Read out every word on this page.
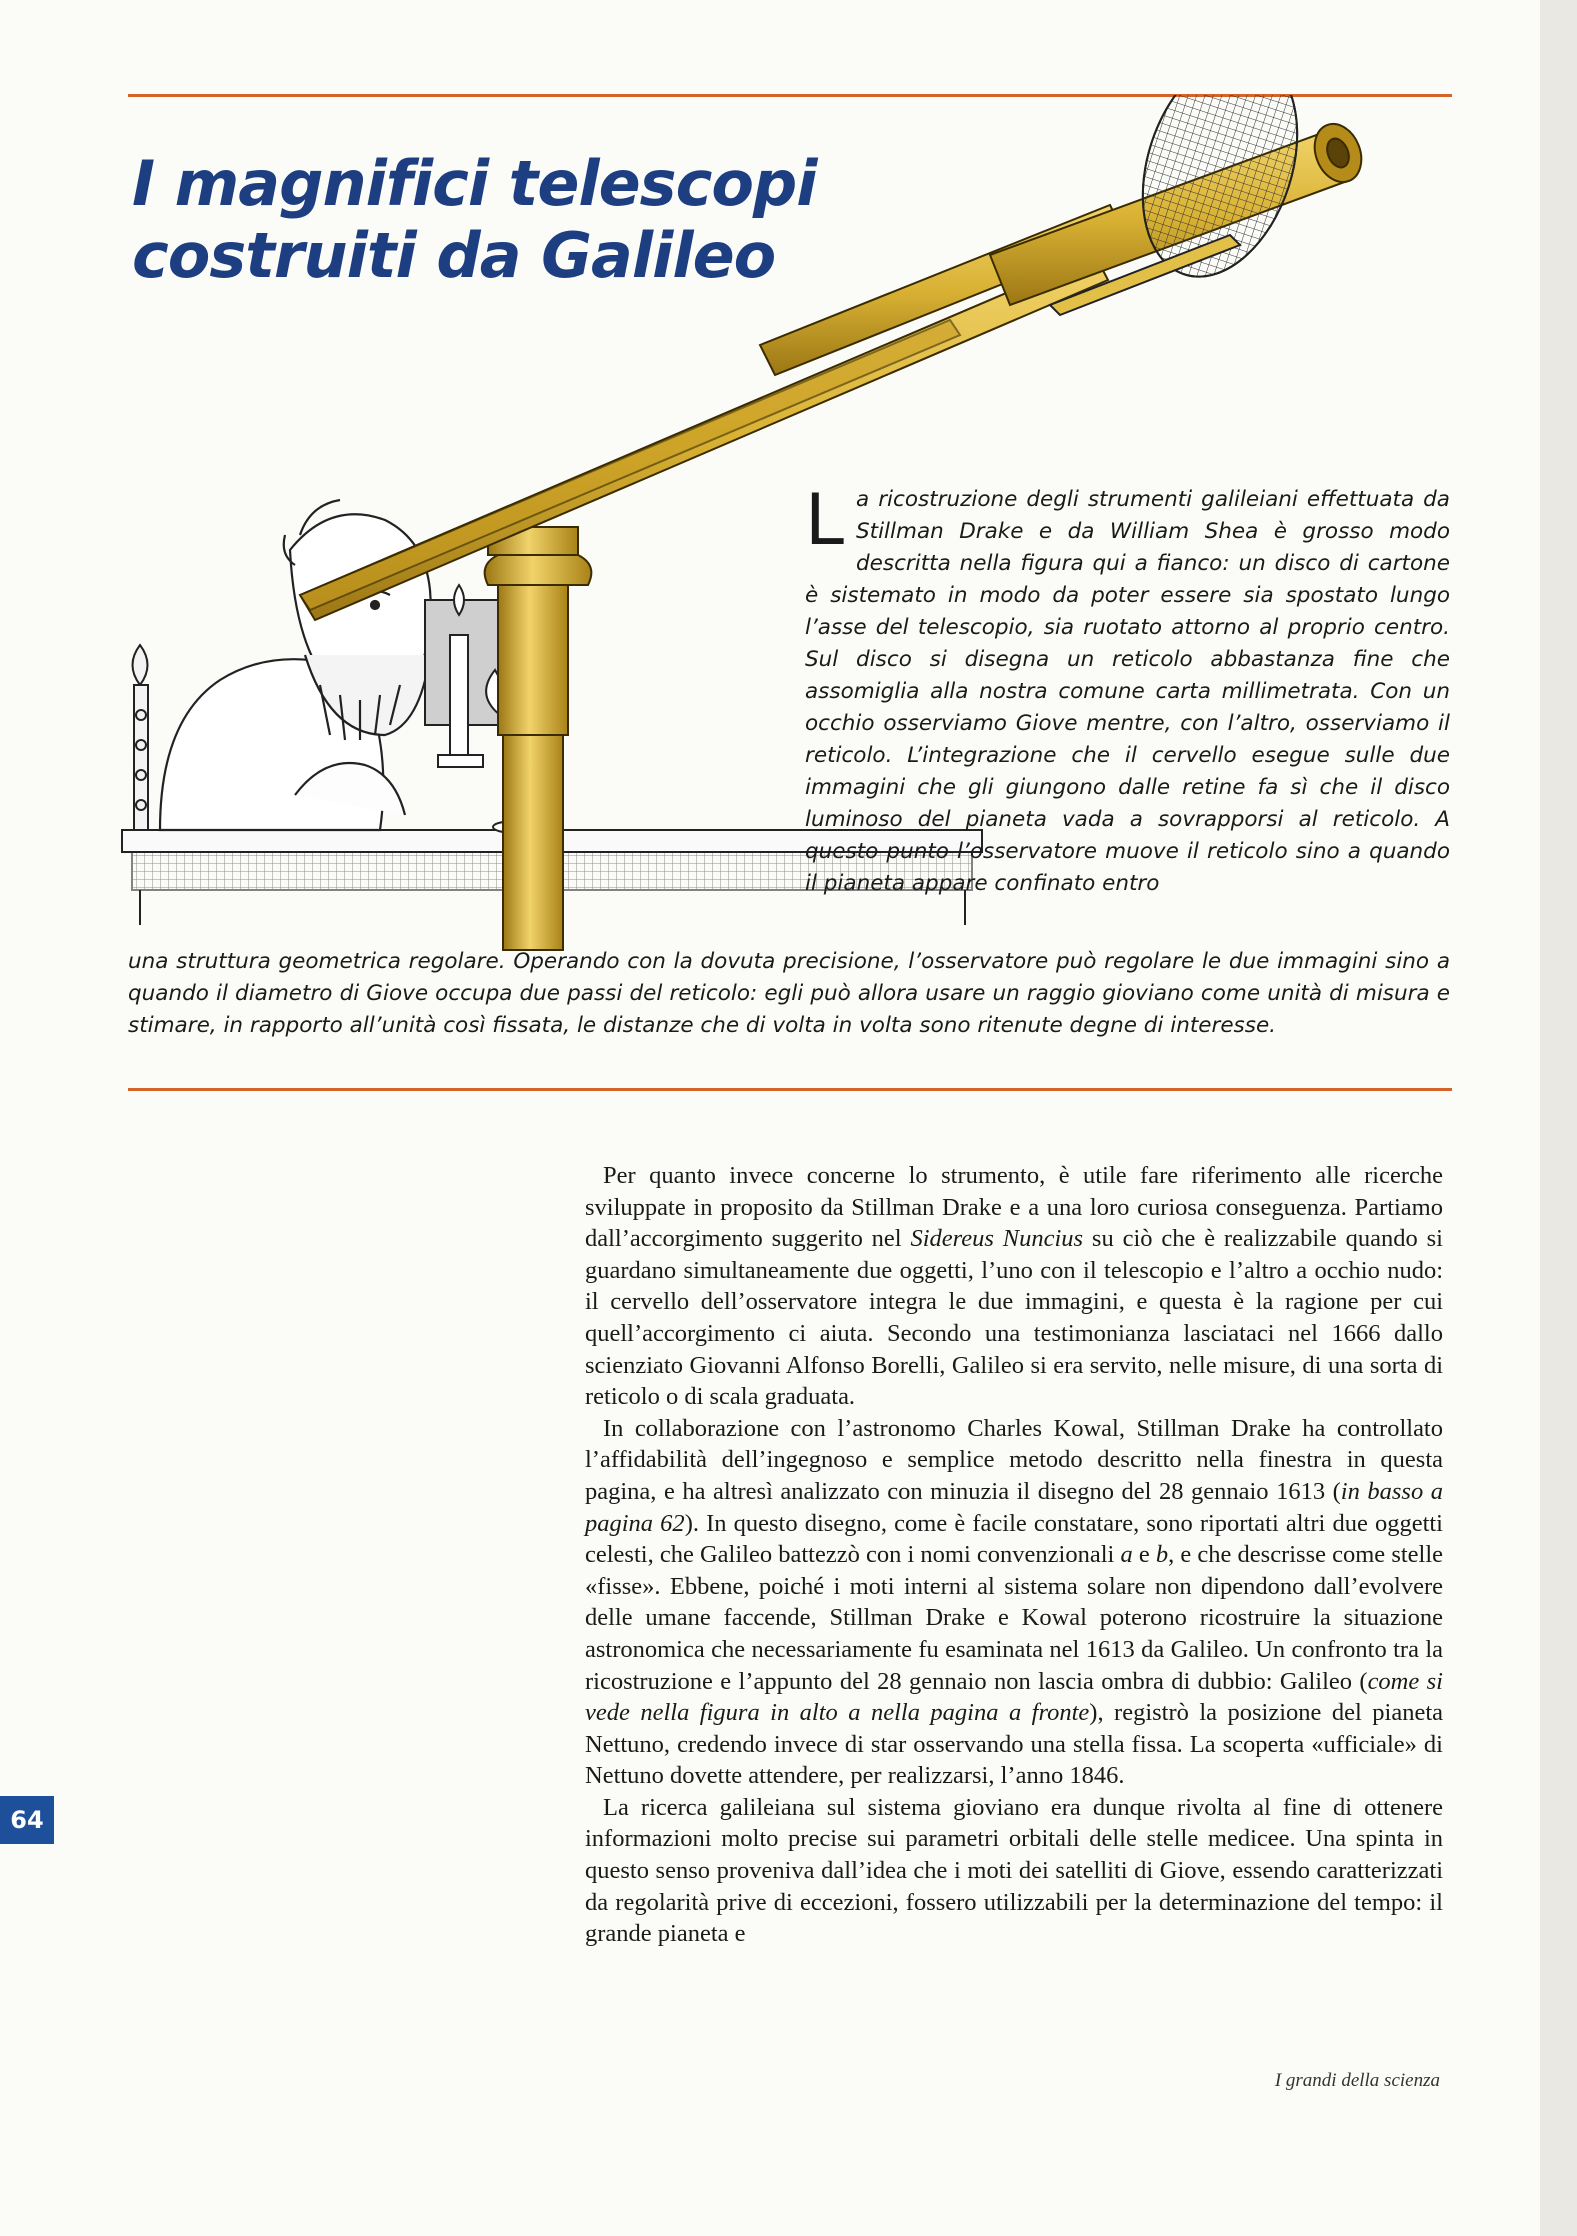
I magnifici telescopi
costruiti da Galileo

La ricostruzione degli strumenti galileiani effettuata da Stillman Drake e da William Shea è grosso modo descritta nella figura qui a fianco: un disco di cartone è sistemato in modo da poter essere sia spostato lungo l’asse del telescopio, sia ruotato attorno al proprio centro. Sul disco si disegna un reticolo abbastanza fine che assomiglia alla nostra comune carta millimetrata. Con un occhio osserviamo Giove mentre, con l’altro, osserviamo il reticolo. L’integrazione che il cervello esegue sulle due immagini che gli giungono dalle retine fa sì che il disco luminoso del pianeta vada a sovrapporsi al reticolo. A questo punto l’osservatore muove il reticolo sino a quando il pianeta appare confinato entro

una struttura geometrica regolare. Operando con la dovuta precisione, l’osservatore può regolare le due immagini sino a quando il diametro di Giove occupa due passi del reticolo: egli può allora usare un raggio gioviano come unità di misura e stimare, in rapporto all’unità così fissata, le distanze che di volta in volta sono ritenute degne di interesse.

Per quanto invece concerne lo strumento, è utile fare riferimento alle ricerche sviluppate in proposito da Stillman Drake e a una loro curiosa conseguenza. Partiamo dall’accorgimento suggerito nel Sidereus Nuncius su ciò che è realizzabile quando si guardano simultaneamente due oggetti, l’uno con il telescopio e l’altro a occhio nudo: il cervello dell’osservatore integra le due immagini, e questa è la ragione per cui quell’accorgimento ci aiuta. Secondo una testimonianza lasciataci nel 1666 dallo scienziato Giovanni Alfonso Borelli, Galileo si era servito, nelle misure, di una sorta di reticolo o di scala graduata.

In collaborazione con l’astronomo Charles Kowal, Stillman Drake ha controllato l’affidabilità dell’ingegnoso e semplice metodo descritto nella finestra in questa pagina, e ha altresì analizzato con minuzia il disegno del 28 gennaio 1613 (in basso a pagina 62). In questo disegno, come è facile constatare, sono riportati altri due oggetti celesti, che Galileo battezzò con i nomi convenzionali a e b, e che descrisse come stelle «fisse». Ebbene, poiché i moti interni al sistema solare non dipendono dall’evolvere delle umane faccende, Stillman Drake e Kowal poterono ricostruire la situazione astronomica che necessariamente fu esaminata nel 1613 da Galileo. Un confronto tra la ricostruzione e l’appunto del 28 gennaio non lascia ombra di dubbio: Galileo (come si vede nella figura in alto a nella pagina a fronte), registrò la posizione del pianeta Nettuno, credendo invece di star osservando una stella fissa. La scoperta «ufficiale» di Nettuno dovette attendere, per realizzarsi, l’anno 1846.

La ricerca galileiana sul sistema gioviano era dunque rivolta al fine di ottenere informazioni molto precise sui parametri orbitali delle stelle medicee. Una spinta in questo senso proveniva dall’idea che i moti dei satelliti di Giove, essendo caratterizzati da regolarità prive di eccezioni, fossero utilizzabili per la determinazione del tempo: il grande pianeta e

64
I grandi della scienza
